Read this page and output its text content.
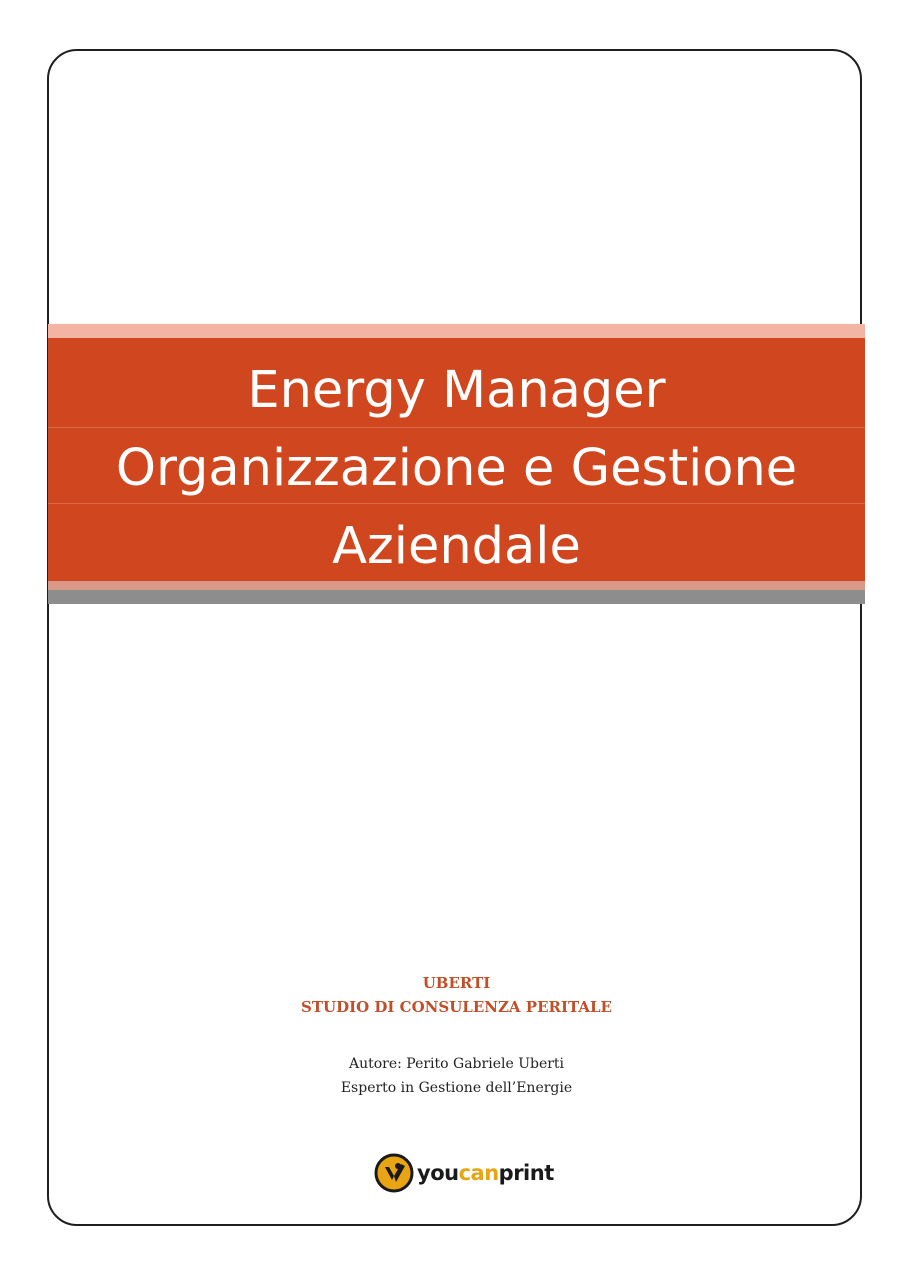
Energy Manager
Organizzazione e Gestione
Aziendale
UBERTI
STUDIO DI CONSULENZA PERITALE
Autore: Perito Gabriele Uberti
Esperto in Gestione dell’Energie
youcanprint
